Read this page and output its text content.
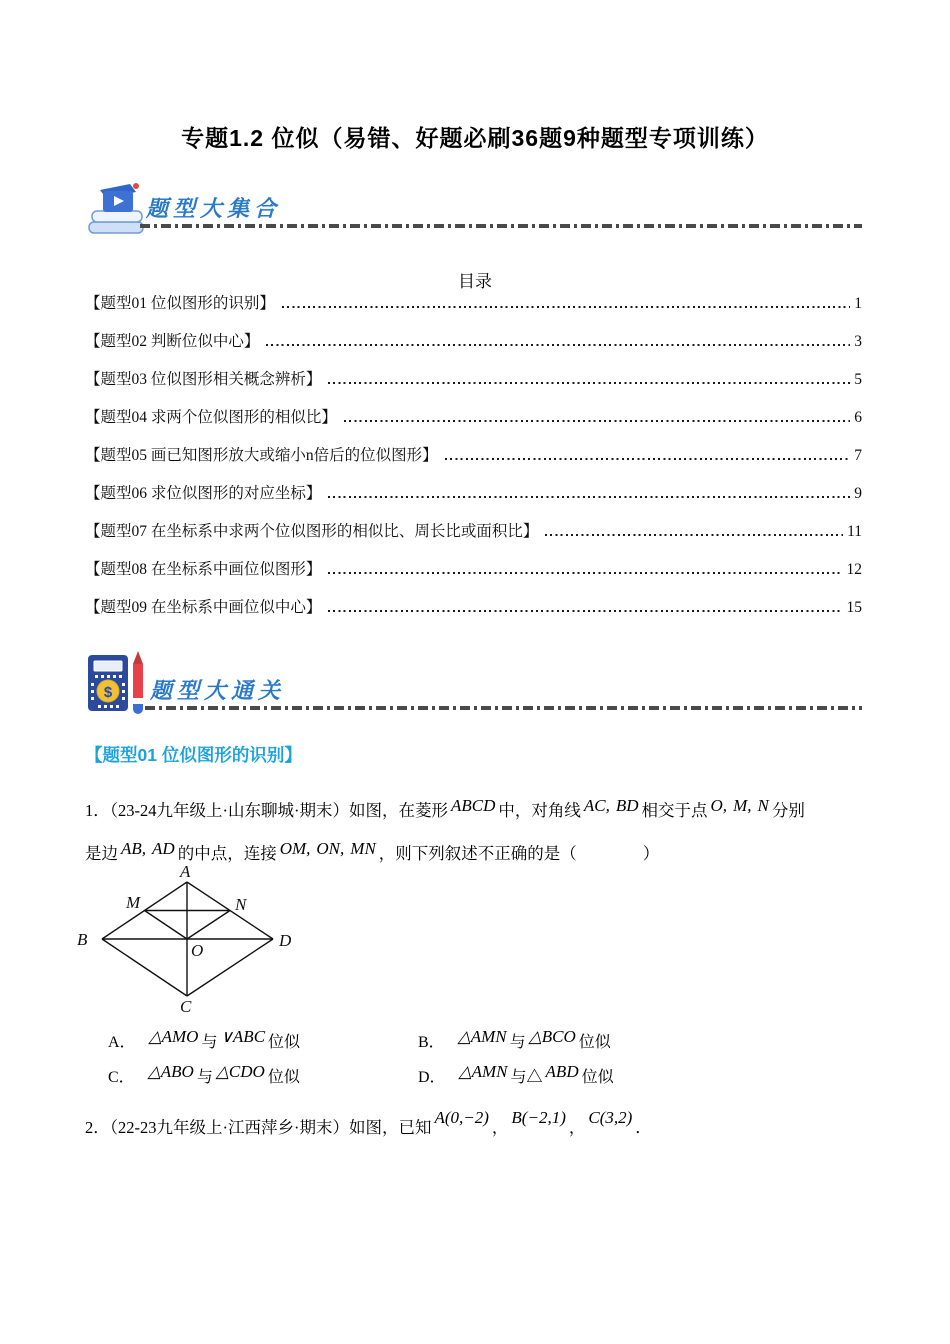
专题1.2 位似（易错、好题必刷36题9种题型专项训练）
题型大集合
目录
【题型01 位似图形的识别】	1
【题型02 判断位似中心】	3
【题型03 位似图形相关概念辨析】	5
【题型04 求两个位似图形的相似比】	6
【题型05 画已知图形放大或缩小n倍后的位似图形】	7
【题型06 求位似图形的对应坐标】	9
【题型07 在坐标系中求两个位似图形的相似比、周长比或面积比】	11
【题型08 在坐标系中画位似图形】	12
【题型09 在坐标系中画位似中心】	15
$ 题型大通关
【题型01 位似图形的识别】
1．（23-24九年级上·山东聊城·期末）如图，在菱形 ABCD 中，对角线 AC, BD 相交于点 O, M, N 分别
是边 AB, AD 的中点，连接 OM, ON, MN ，则下列叙述不正确的是（　　　　）
A
M	N
B	D
O
C
A． △AMO 与 ∨ABC 位似	B． △AMN 与 △BCO 位似
C． △ABO 与 △CDO 位似	D． △AMN 与△ ABD 位似
2．（22-23九年级上·江西萍乡·期末）如图，已知A(0,−2)，B(−2,1)，C(3,2)．
